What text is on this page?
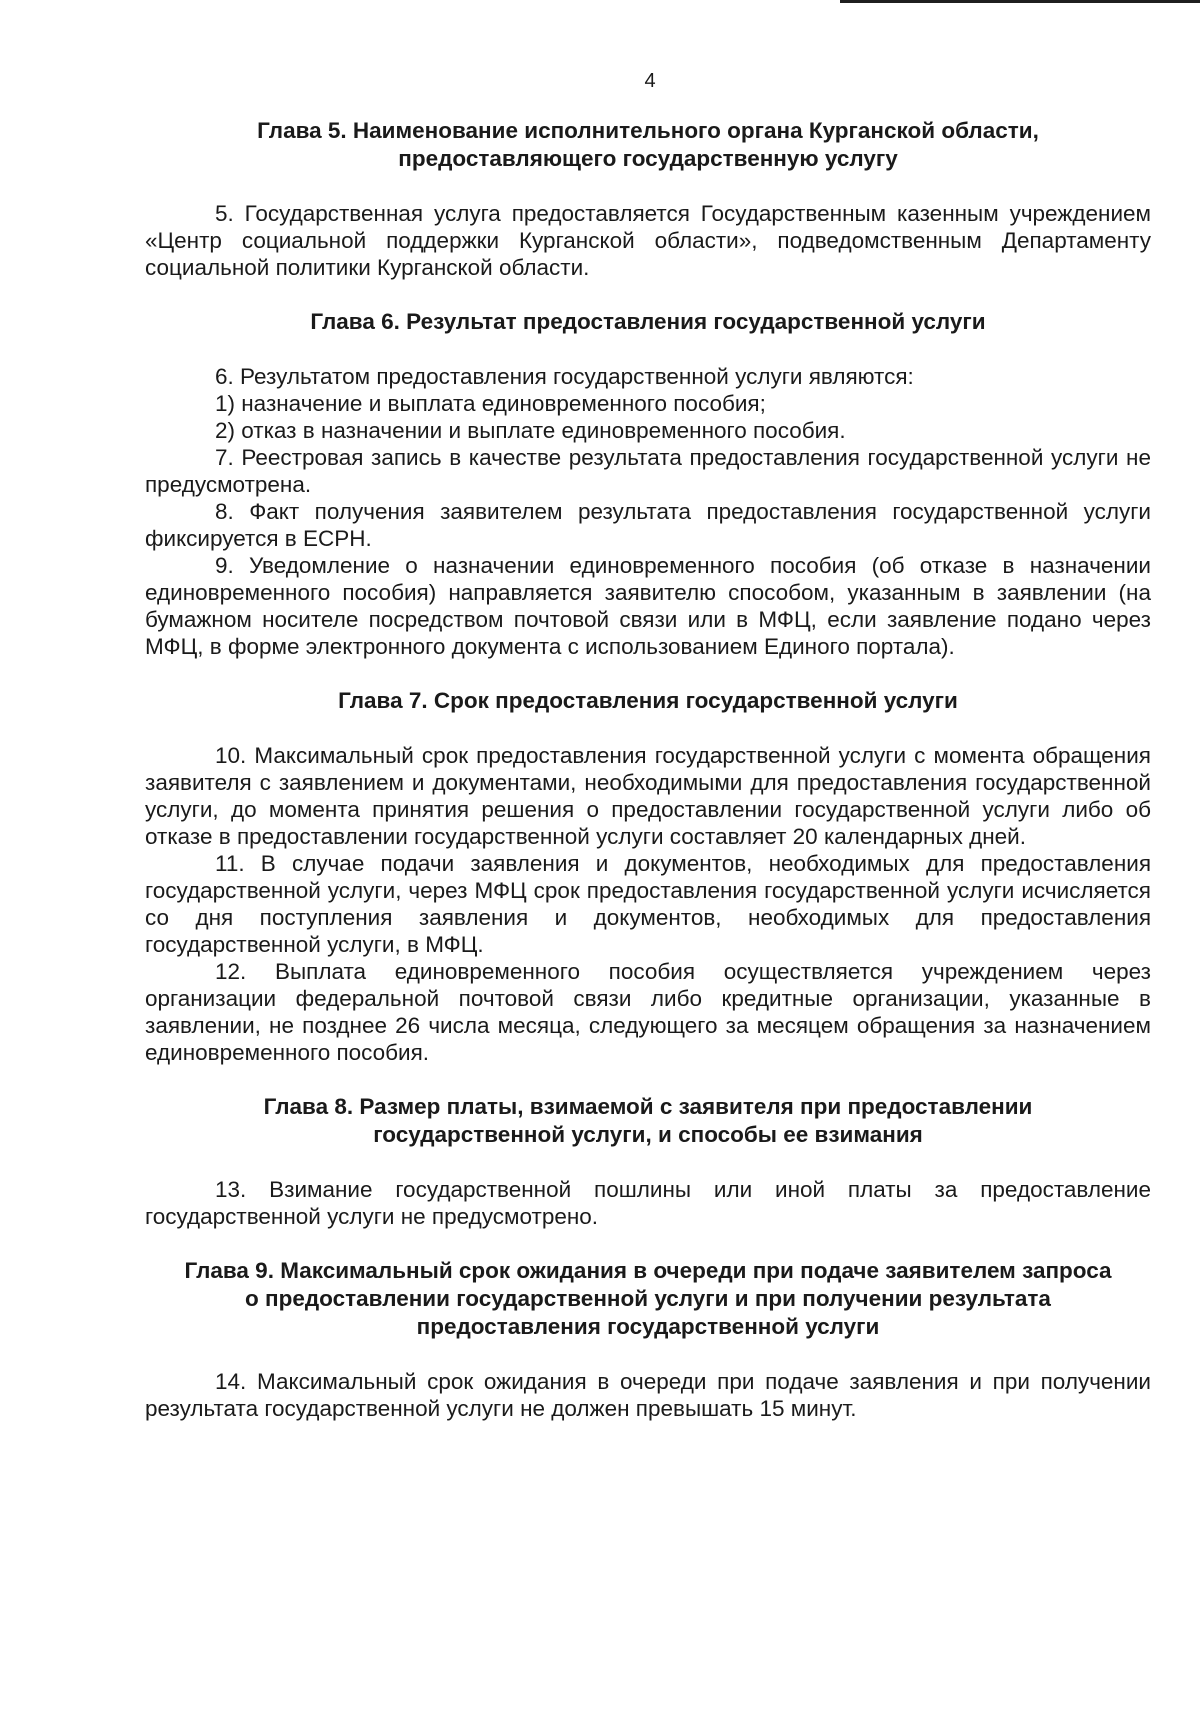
4
Глава 5. Наименование исполнительного органа Курганской области, предоставляющего государственную услугу

5. Государственная услуга предоставляется Государственным казенным учреждением «Центр социальной поддержки Курганской области», подведомственным Департаменту социальной политики Курганской области.

Глава 6. Результат предоставления государственной услуги

6. Результатом предоставления государственной услуги являются:

1) назначение и выплата единовременного пособия;

2) отказ в назначении и выплате единовременного пособия.

7. Реестровая запись в качестве результата предоставления государственной услуги не предусмотрена.

8. Факт получения заявителем результата предоставления государственной услуги фиксируется в ЕСРН.

9. Уведомление о назначении единовременного пособия (об отказе в назначении единовременного пособия) направляется заявителю способом, указанным в заявлении (на бумажном носителе посредством почтовой связи или в МФЦ, если заявление подано через МФЦ, в форме электронного документа с использованием Единого портала).

Глава 7. Срок предоставления государственной услуги

10. Максимальный срок предоставления государственной услуги с момента обращения заявителя с заявлением и документами, необходимыми для предоставления государственной услуги, до момента принятия решения о предоставлении государственной услуги либо об отказе в предоставлении государственной услуги составляет 20 календарных дней.

11. В случае подачи заявления и документов, необходимых для предоставления государственной услуги, через МФЦ срок предоставления государственной услуги исчисляется со дня поступления заявления и документов, необходимых для предоставления государственной услуги, в МФЦ.

12. Выплата единовременного пособия осуществляется учреждением через организации федеральной почтовой связи либо кредитные организации, указанные в заявлении, не позднее 26 числа месяца, следующего за месяцем обращения за назначением единовременного пособия.

Глава 8. Размер платы, взимаемой с заявителя при предоставлении государственной услуги, и способы ее взимания

13. Взимание государственной пошлины или иной платы за предоставление государственной услуги не предусмотрено.

Глава 9. Максимальный срок ожидания в очереди при подаче заявителем запроса о предоставлении государственной услуги и при получении результата предоставления государственной услуги

14. Максимальный срок ожидания в очереди при подаче заявления и при получении результата государственной услуги не должен превышать 15 минут.
